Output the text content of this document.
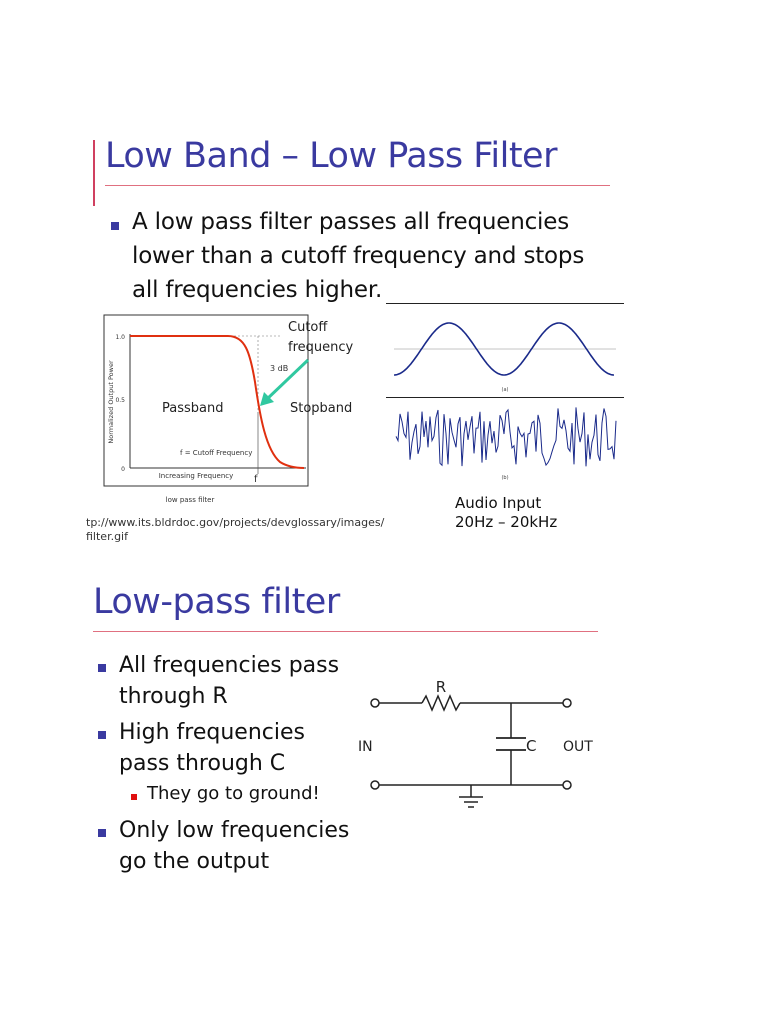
Low Band – Low Pass Filter
A low pass filter passes all frequencies
lower than a cutoff frequency and stops
all frequencies higher.
1.0
0.5
0
Normalized Output Power
Increasing Frequency
3 dB
Passband	Stopband
Cutoff
frequency
f = Cutoff Frequency
f
low pass filter
tp://www.its.bldrdoc.gov/projects/devglossary/images/
filter.gif
(a)
(b)
Audio Input
20Hz – 20kHz
Low-pass filter
All frequencies pass
through R
High frequencies
pass through C
They go to ground!
Only low frequencies
go the output
R
C
IN	OUT
